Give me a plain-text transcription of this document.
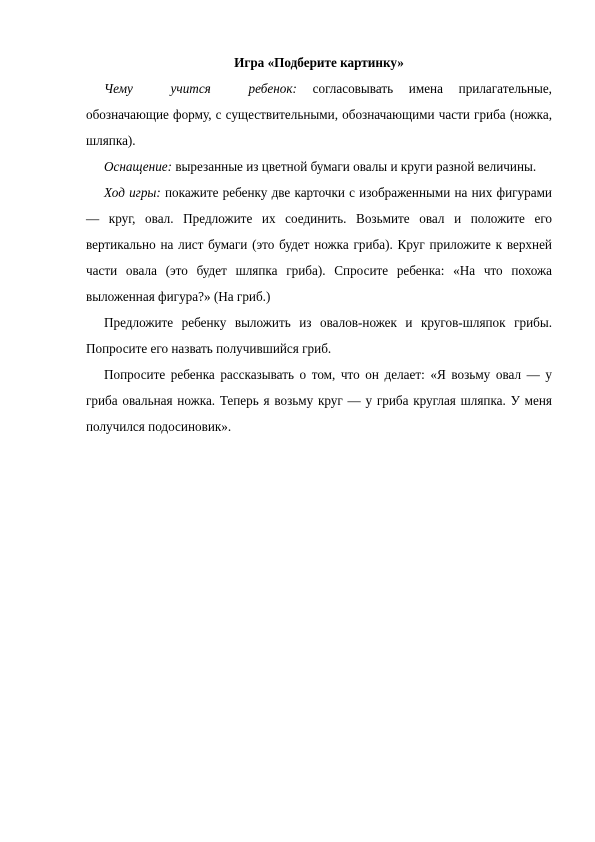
Игра «Подберите картинку»

Чему учится ребенок: согласовывать имена прилагательные, обозначающие форму, с существительными, обозначающими части гриба (ножка, шляпка).

Оснащение: вырезанные из цветной бумаги овалы и круги разной величины.

Ход игры: покажите ребенку две карточки с изображенными на них фигурами — круг, овал. Предложите их соединить. Возьмите овал и положите его вертикально на лист бумаги (это будет ножка гриба). Круг приложите к верхней части овала (это будет шляпка гриба). Спросите ребенка: «На что похожа выложенная фигура?» (На гриб.)

Предложите ребенку выложить из овалов-ножек и кругов-шляпок грибы. Попросите его назвать получившийся гриб.

Попросите ребенка рассказывать о том, что он делает: «Я возьму овал — у гриба овальная ножка. Теперь я возьму круг — у гриба круглая шляпка. У меня получился подосиновик».
